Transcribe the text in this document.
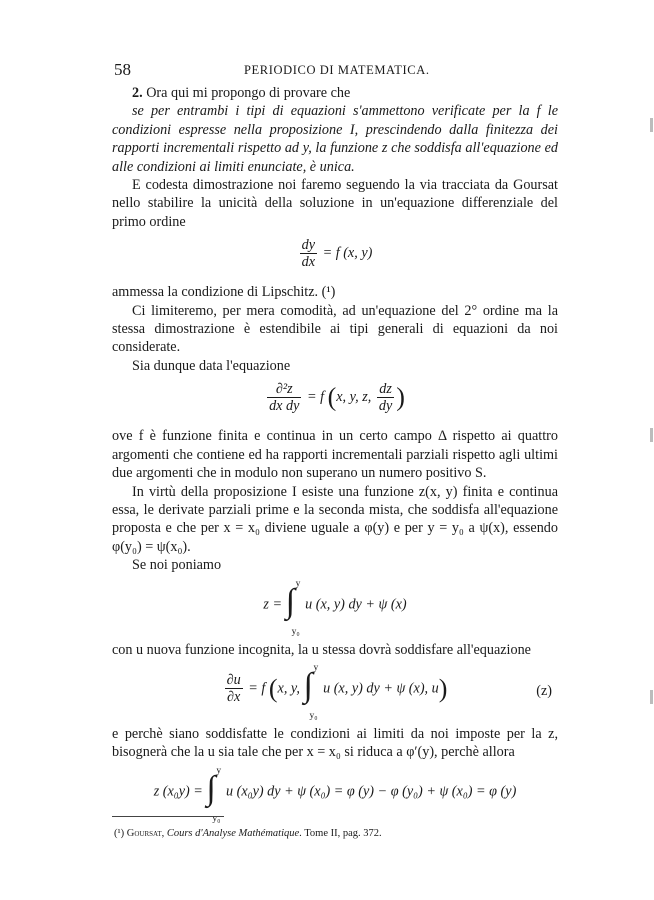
58	PERIODICO DI MATEMATICA.

2. Ora qui mi propongo di provare che

se per entrambi i tipi di equazioni s'ammettono verificate per la f le condizioni espresse nella proposizione I, prescindendo dalla finitezza dei rapporti incrementali rispetto ad y, la funzione z che soddisfa all'equazione ed alle condizioni ai limiti enunciate, è unica.

E codesta dimostrazione noi faremo seguendo la via tracciata da Goursat nello stabilire la unicità della soluzione in un'equazione differenziale del primo ordine

$\frac{dy}{dx} = f$ (x, y)

ammessa la condizione di Lipschitz. (¹)

Ci limiteremo, per mera comodità, ad un'equazione del 2° ordine ma la stessa dimostrazione è estendibile ai tipi generali di equazioni da noi considerate.

Sia dunque data l'equazione

$\frac{\text{∂²z}}{\text{dx dy}} = f$ (x, y, z, $\frac{dz}{dy}$ )

ove f è funzione finita e continua in un certo campo Δ rispetto ai quattro argomenti che contiene ed ha rapporti incrementali parziali rispetto agli ultimi due argomenti che in modulo non superano un numero positivo S.

In virtù della proposizione I esiste una funzione z(x, y) finita e continua essa, le derivate parziali prime e la seconda mista, che soddisfa all'equazione proposta e che per x = x₀ diviene uguale a φ(y) e per y = y₀ a ψ(x), essendo φ(y₀) = ψ(x₀).

Se noi poniamo

z = ∫ y
y₀
u (x, y) dy + ψ (x)

con u nuova funzione incognita, la u stessa dovrà soddisfare all'equazione

$\frac{\partial u}{\partial x} = f$ (x, y, ∫ y
y₀
u (x, y) dy + ψ (x), u)	(z)

e perchè siano soddisfatte le condizioni ai limiti da noi imposte per la z, bisognerà che la u sia tale che per x = x₀ si riduca a φ′(y), perchè allora

z (x₀y) = ∫ y
y₀
u (x₀y) dy + ψ (x₀) = φ (y) − φ (y₀) + ψ (x₀) = φ (y)
(¹) Goursat, Cours d'Analyse Mathématique. Tome II, pag. 372.
